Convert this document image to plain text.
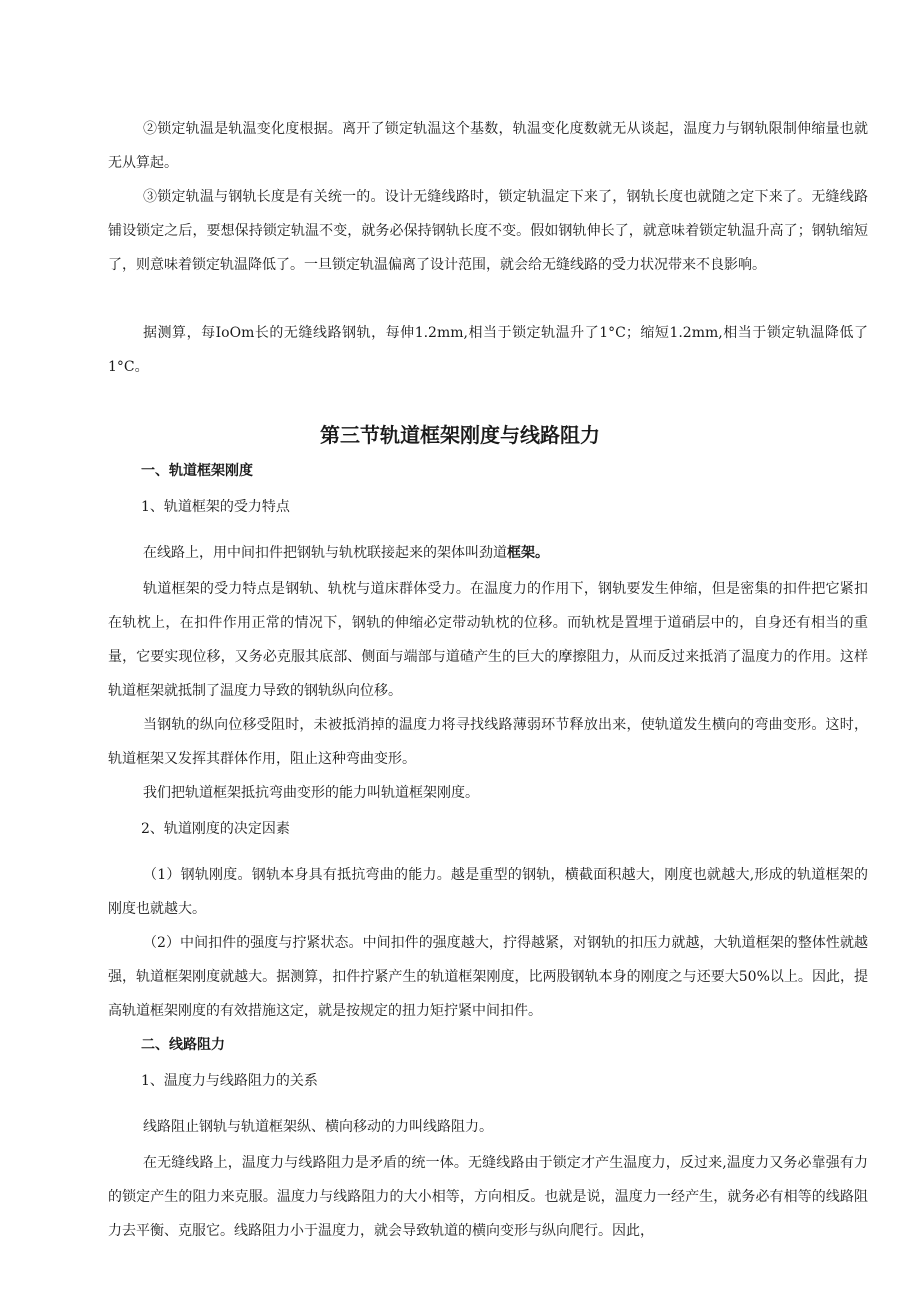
②锁定轨温是轨温变化度根据。离开了锁定轨温这个基数，轨温变化度数就无从谈起，温度力与钢轨限制伸缩量也就无从算起。

③锁定轨温与钢轨长度是有关统一的。设计无缝线路时，锁定轨温定下来了，钢轨长度也就随之定下来了。无缝线路铺设锁定之后，要想保持锁定轨温不变，就务必保持钢轨长度不变。假如钢轨伸长了，就意味着锁定轨温升高了；钢轨缩短了，则意味着锁定轨温降低了。一旦锁定轨温偏离了设计范围，就会给无缝线路的受力状况带来不良影响。

据测算，每IoOm长的无缝线路钢轨，每伸1.2mm,相当于锁定轨温升了1°C；缩短1.2mm,相当于锁定轨温降低了1°C。

第三节轨道框架刚度与线路阻力

一、轨道框架刚度

1、轨道框架的受力特点

在线路上，用中间扣件把钢轨与轨枕联接起来的架体叫劲道框架。

轨道框架的受力特点是钢轨、轨枕与道床群体受力。在温度力的作用下，钢轨要发生伸缩，但是密集的扣件把它紧扣在轨枕上，在扣件作用正常的情况下，钢轨的伸缩必定带动轨枕的位移。而轨枕是置埋于道硝层中的，自身还有相当的重量，它要实现位移，又务必克服其底部、侧面与端部与道碴产生的巨大的摩擦阻力，从而反过来抵消了温度力的作用。这样轨道框架就抵制了温度力导致的钢轨纵向位移。

当钢轨的纵向位移受阻时，未被抵消掉的温度力将寻找线路薄弱环节释放出来，使轨道发生横向的弯曲变形。这时，轨道框架又发挥其群体作用，阻止这种弯曲变形。

我们把轨道框架抵抗弯曲变形的能力叫轨道框架刚度。

2、轨道刚度的决定因素

（1）钢轨刚度。钢轨本身具有抵抗弯曲的能力。越是重型的钢轨，横截面积越大，刚度也就越大,形成的轨道框架的刚度也就越大。

（2）中间扣件的强度与拧紧状态。中间扣件的强度越大，拧得越紧，对钢轨的扣压力就越，大轨道框架的整体性就越强，轨道框架刚度就越大。据测算，扣件拧紧产生的轨道框架刚度，比两股钢轨本身的刚度之与还要大50%以上。因此，提高轨道框架刚度的有效措施这定，就是按规定的扭力矩拧紧中间扣件。

二、线路阻力

1、温度力与线路阻力的关系

线路阻止钢轨与轨道框架纵、横向移动的力叫线路阻力。

在无缝线路上，温度力与线路阻力是矛盾的统一体。无缝线路由于锁定才产生温度力，反过来,温度力又务必靠强有力的锁定产生的阻力来克服。温度力与线路阻力的大小相等，方向相反。也就是说，温度力一经产生，就务必有相等的线路阻力去平衡、克服它。线路阻力小于温度力，就会导致轨道的横向变形与纵向爬行。因此，
